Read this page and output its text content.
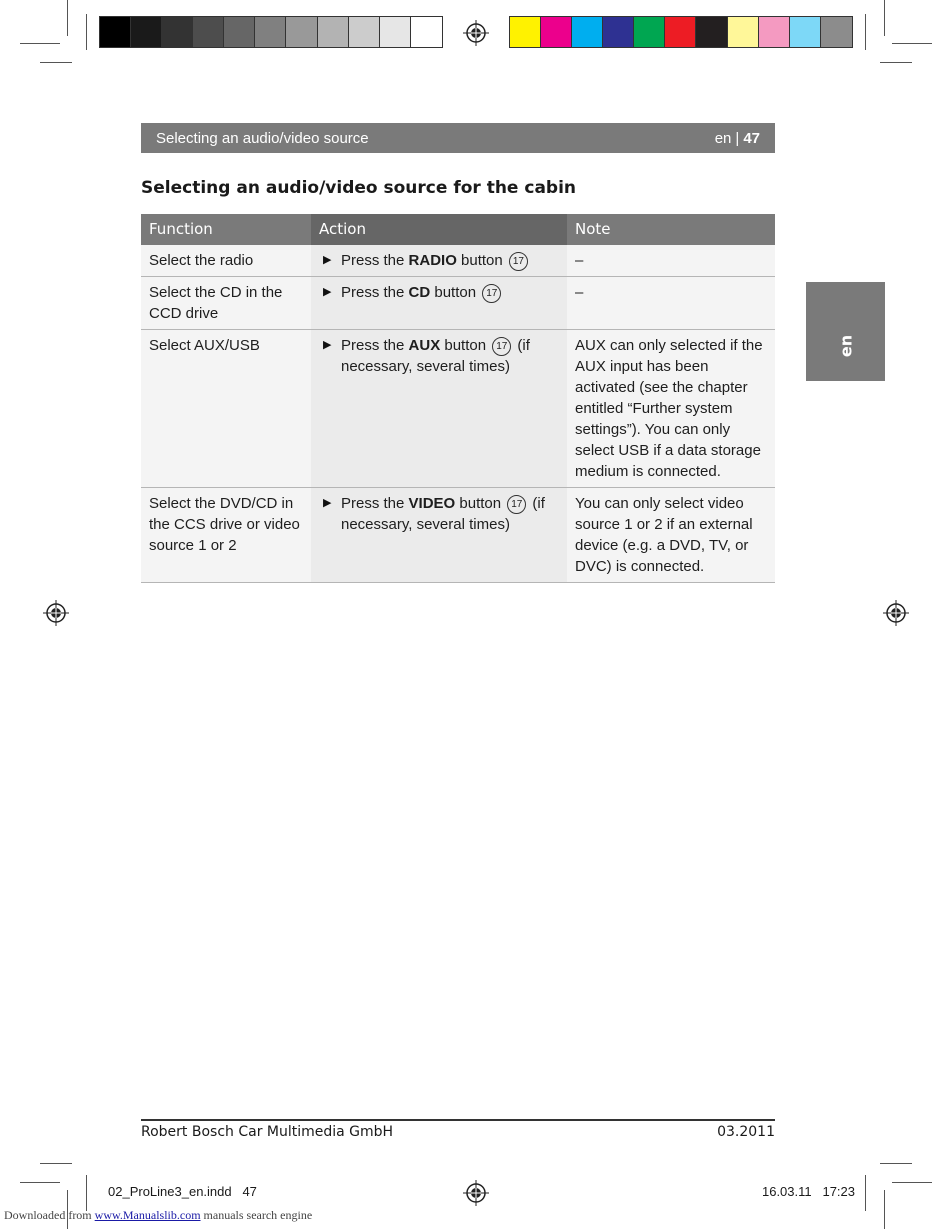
Selecting an audio/video source	en | 47
Selecting an audio/video source for the cabin
Function	Action	Note
Select the radio	▶ Press the RADIO button 17	–
Select the CD in the CCD drive	▶ Press the CD button 17	–
Select AUX/USB	▶ Press the AUX button 17 (if necessary, several times)	AUX can only selected if the AUX input has been activated (see the chapter entitled “Further system settings”). You can only select USB if a data storage medium is connected.
Select the DVD/CD in the CCS drive or video source 1 or 2	▶ Press the VIDEO button 17 (if necessary, several times)	You can only select video source 1 or 2 if an external device (e.g. a DVD, TV, or DVC) is connected.
en
Robert Bosch Car Multimedia GmbH	03.2011
02_ProLine3_en.indd   47	16.03.11   17:23
Downloaded from www.Manualslib.com manuals search engine
